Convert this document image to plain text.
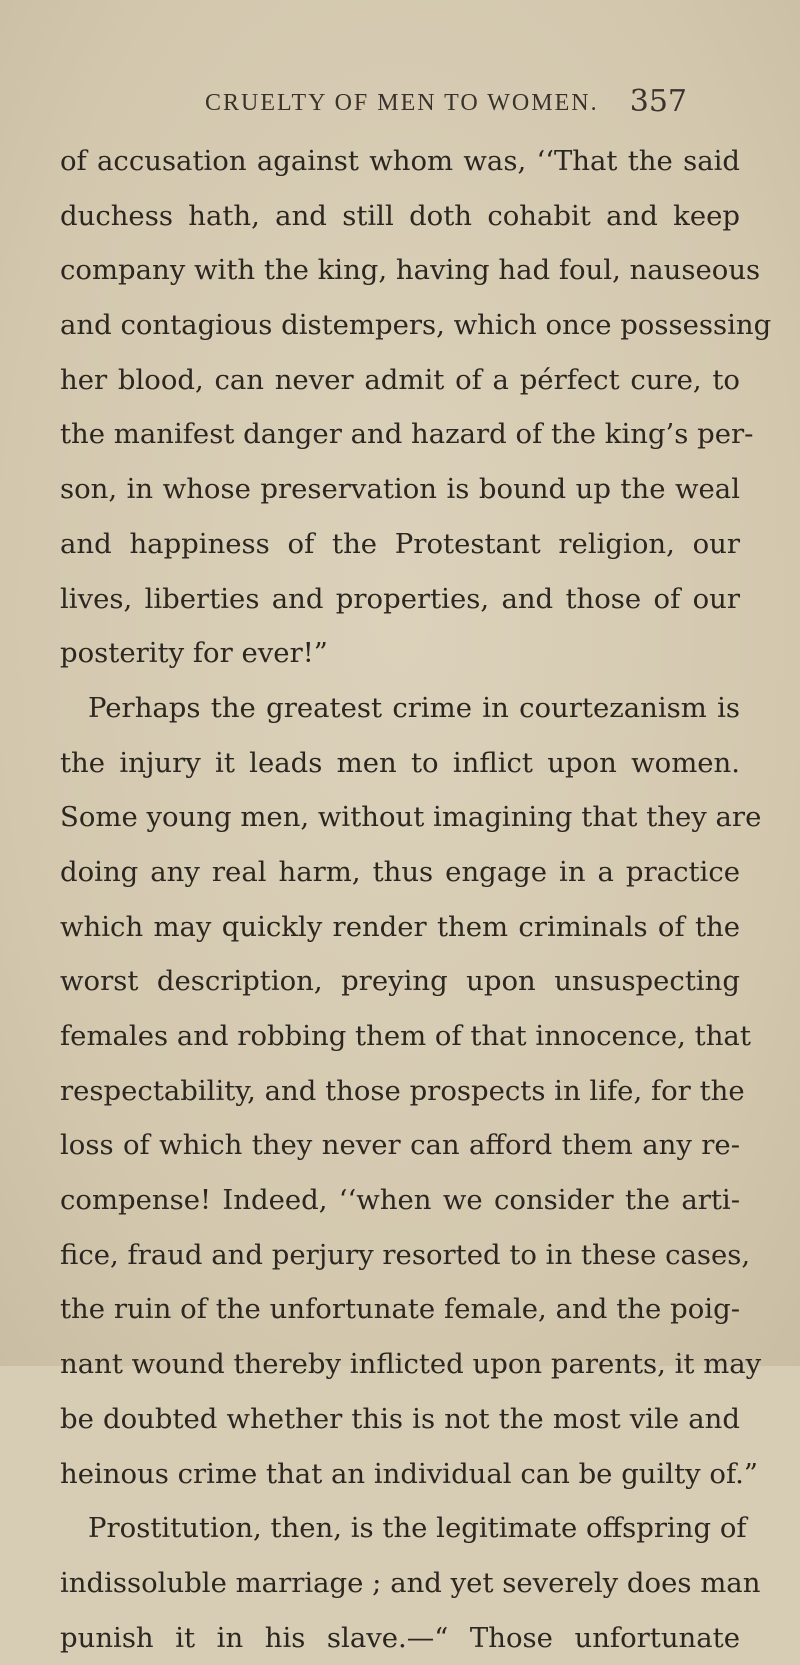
CRUELTY OF MEN TO WOMEN. 357
of accusation against whom was, ‘‘That the said
duchess hath, and still doth cohabit and keep
company with the king, having had foul, nauseous
and contagious distempers, which once possessing
her blood, can never admit of a pérfect cure, to
the manifest danger and hazard of the king’s per-
son, in whose preservation is bound up the weal
and happiness of the Protestant religion, our
lives, liberties and properties, and those of our
posterity for ever!”
Perhaps the greatest crime in courtezanism is
the injury it leads men to inflict upon women.
Some young men, without imagining that they are
doing any real harm, thus engage in a practice
which may quickly render them criminals of the
worst description, preying upon unsuspecting
females and robbing them of that innocence, that
respectability, and those prospects in life, for the
loss of which they never can afford them any re-
compense! Indeed, ‘‘when we consider the arti-
fice, fraud and perjury resorted to in these cases,
the ruin of the unfortunate female, and the poig-
nant wound thereby inflicted upon parents, it may
be doubted whether this is not the most vile and
heinous crime that an individual can be guilty of.”
Prostitution, then, is the legitimate offspring of
indissoluble marriage ; and yet severely does man
punish it in his slave.—“ Those unfortunate
